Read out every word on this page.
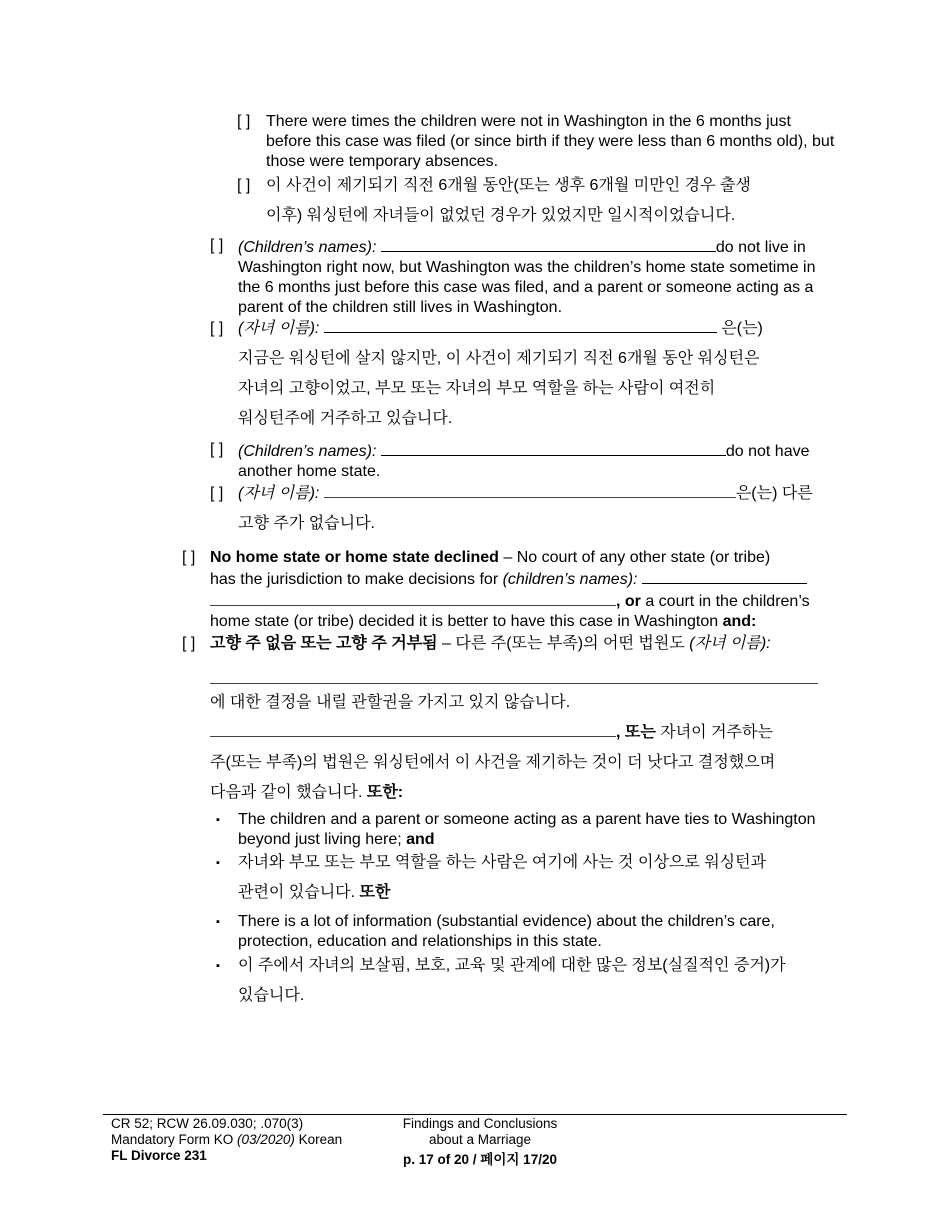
[ ] There were times the children were not in Washington in the 6 months just before this case was filed (or since birth if they were less than 6 months old), but those were temporary absences.
[ ] 이 사건이 제기되기 직전 6개월 동안(또는 생후 6개월 미만인 경우 출생
이후) 워싱턴에 자녀들이 없었던 경우가 있었지만 일시적이었습니다.
[ ] (Children’s names):	do not live in
Washington right now, but Washington was the children’s home state sometime in the 6 months just before this case was filed, and a parent or someone acting as a parent of the children still lives in Washington.
[ ] (자녀 이름):	은(는)
지금은 워싱턴에 살지 않지만, 이 사건이 제기되기 직전 6개월 동안 워싱턴은
자녀의 고향이었고, 부모 또는 자녀의 부모 역할을 하는 사람이 여전히
워싱턴주에 거주하고 있습니다.
[ ] (Children’s names):	do not have
another home state.
[ ] (자녀 이름):	은(는) 다른
고향 주가 없습니다.
[ ] No home state or home state declined – No court of any other state (or tribe)
has the jurisdiction to make decisions for (children’s names):
, or a court in the children’s
home state (or tribe) decided it is better to have this case in Washington and:
[ ] 고향 주 없음 또는 고향 주 거부됨 – 다른 주(또는 부족)의 어떤 법원도 (자녀 이름):
에 대한 결정을 내릴 관할권을 가지고 있지 않습니다.
, 또는 자녀이 거주하는
주(또는 부족)의 법원은 워싱턴에서 이 사건을 제기하는 것이 더 낫다고 결정했으며
다음과 같이 했습니다. 또한:
▪ The children and a parent or someone acting as a parent have ties to Washington beyond just living here; and
▪ 자녀와 부모 또는 부모 역할을 하는 사람은 여기에 사는 것 이상으로 워싱턴과
관련이 있습니다. 또한
▪ There is a lot of information (substantial evidence) about the children’s care, protection, education and relationships in this state.
▪ 이 주에서 자녀의 보살핌, 보호, 교육 및 관계에 대한 많은 정보(실질적인 증거)가
있습니다.
CR 52; RCW 26.09.030; .070(3)
Mandatory Form KO (03/2020) Korean
FL Divorce 231
Findings and Conclusions
about a Marriage
p. 17 of 20 / 페이지 17/20
